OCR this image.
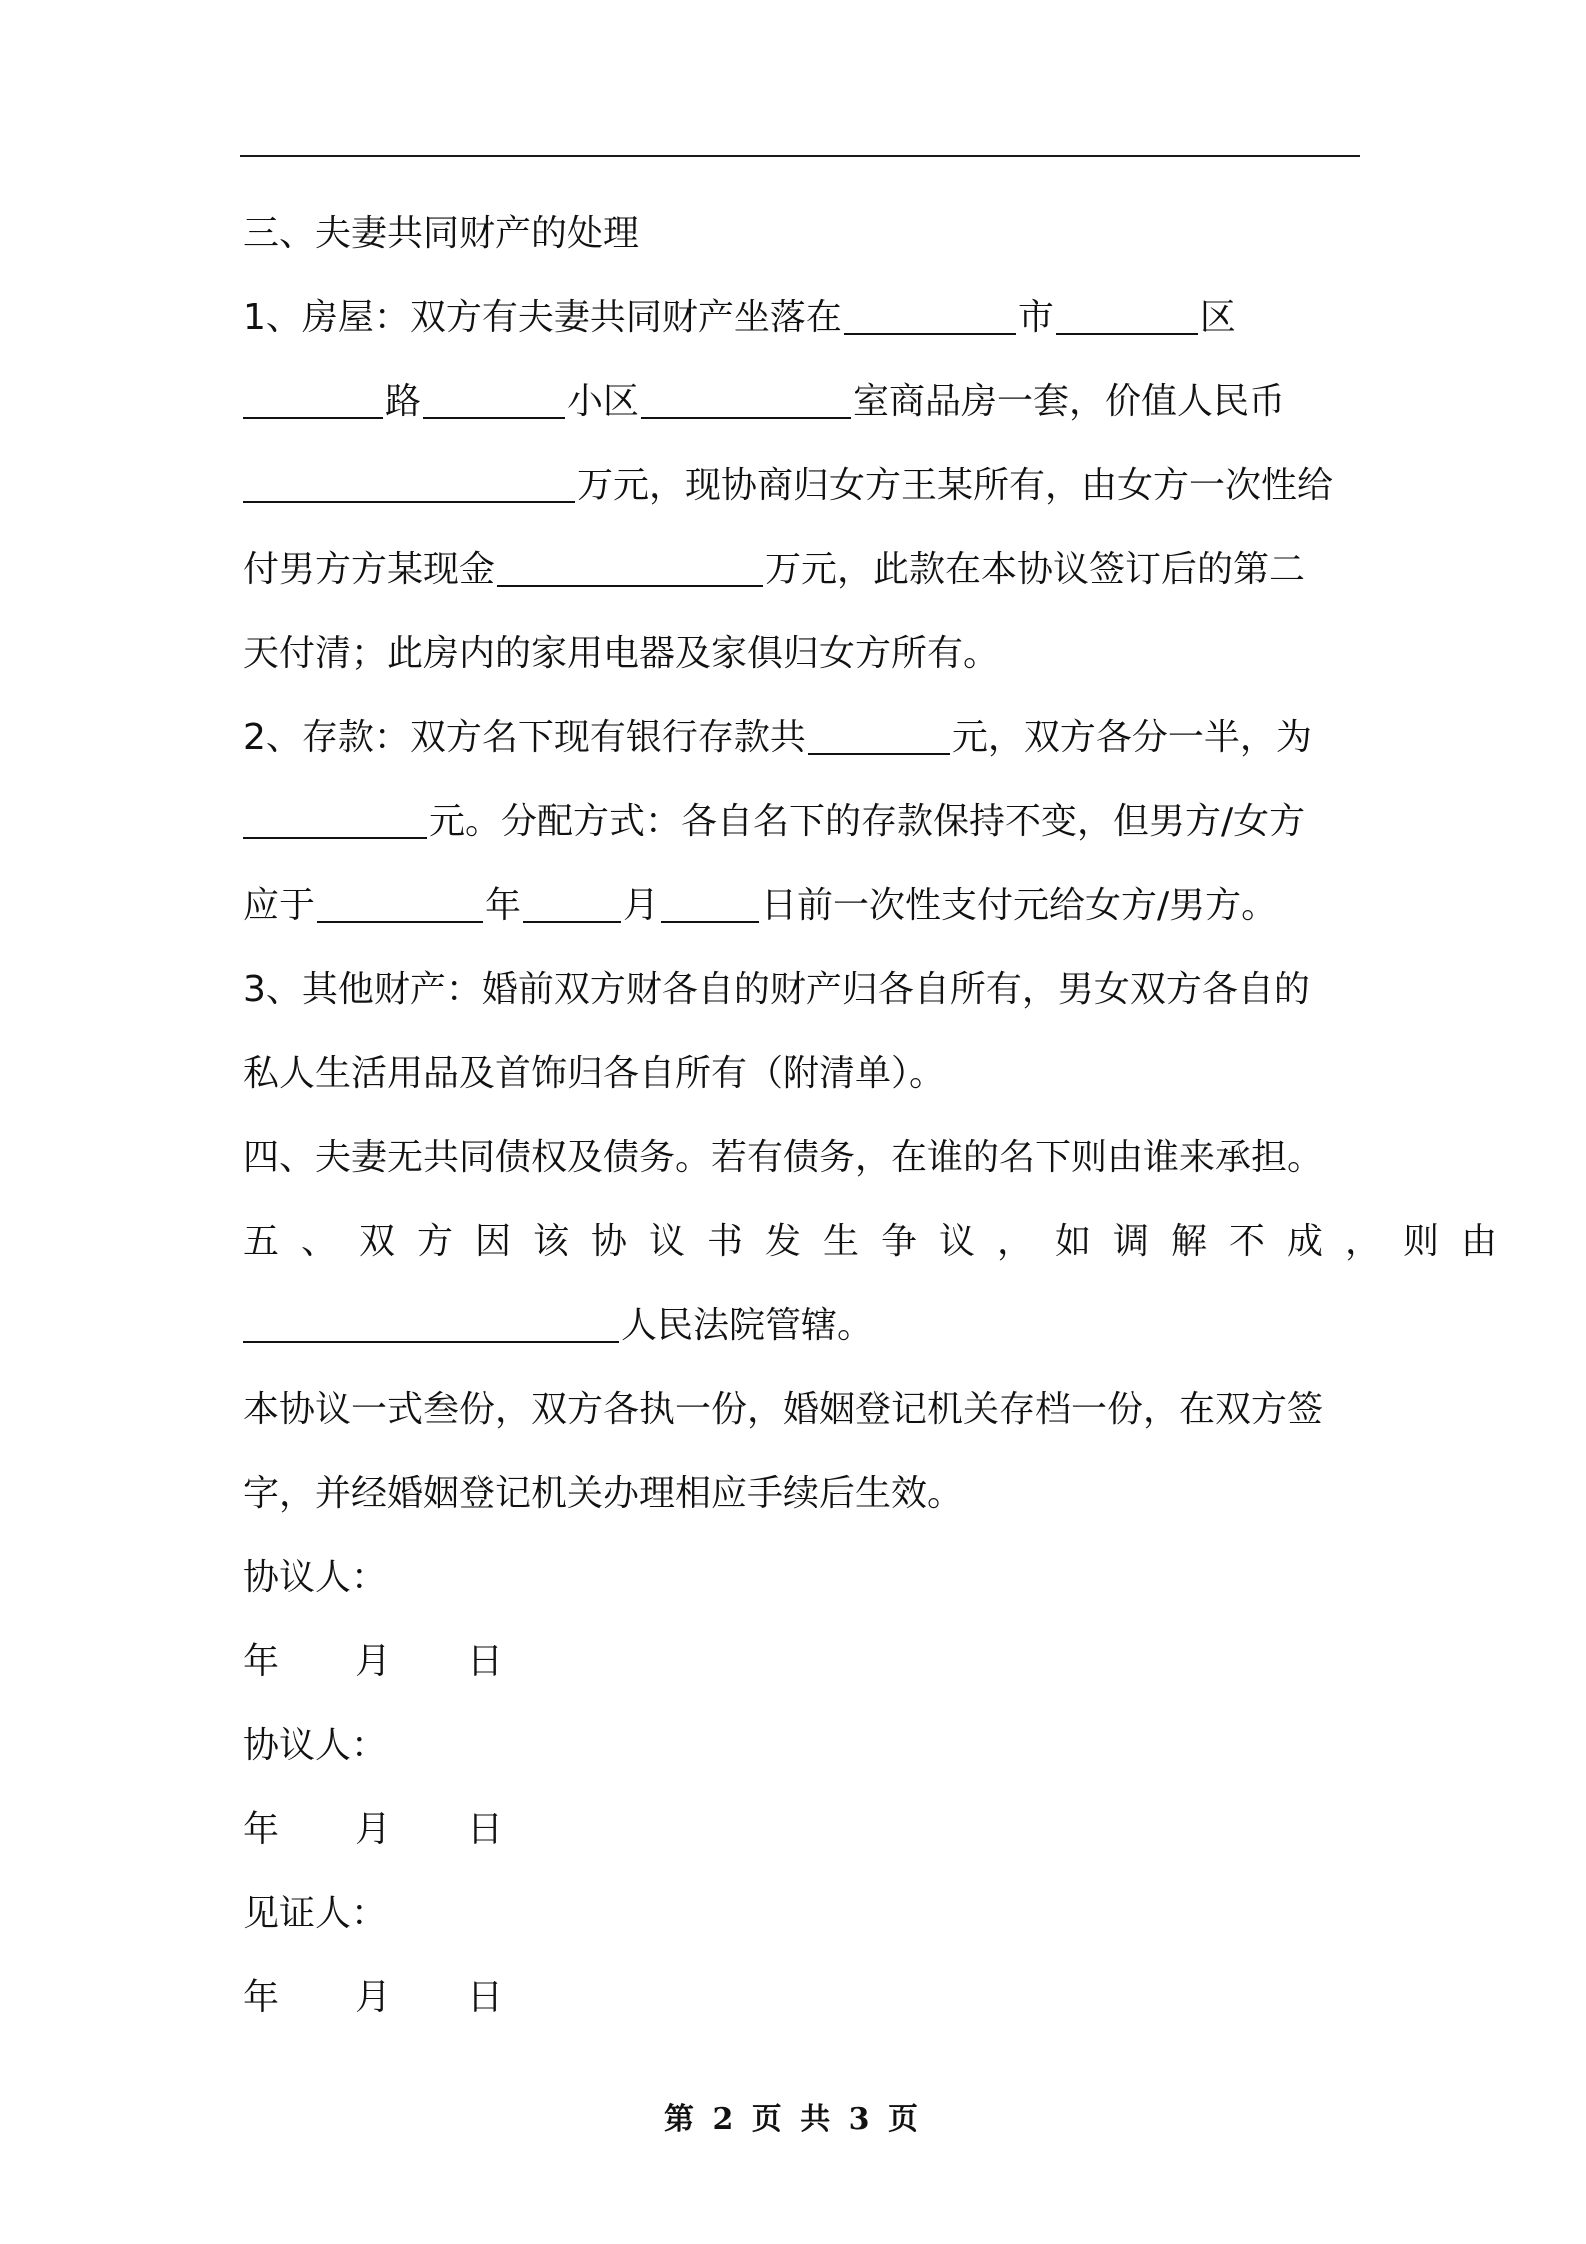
三、夫妻共同财产的处理
1、房屋：双方有夫妻共同财产坐落在	市	区
路	小区	室商品房一套，价值人民币
万元，现协商归女方王某所有，由女方一次性给
付男方方某现金	万元，此款在本协议签订后的第二
天付清；此房内的家用电器及家俱归女方所有。
2、存款：双方名下现有银行存款共	元，双方各分一半，为
元。分配方式：各自名下的存款保持不变，但男方/女方
应于	年	月	日前一次性支付元给女方/男方。
3、其他财产：婚前双方财各自的财产归各自所有，男女双方各自的
私人生活用品及首饰归各自所有（附清单）。
四、夫妻无共同债权及债务。若有债务，在谁的名下则由谁来承担。
五、双方因该协议书发生争议，如调解不成，则由
人民法院管辖。
本协议一式叁份，双方各执一份，婚姻登记机关存档一份，在双方签
字，并经婚姻登记机关办理相应手续后生效。
协议人：
年 月 日
协议人：
年 月 日
见证人：
年 月 日
第 2 页 共 3 页
